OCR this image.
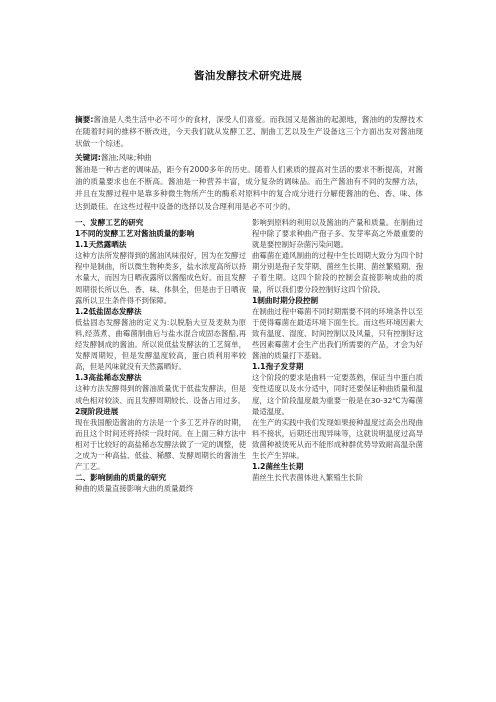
酱油发酵技术研究进展
摘要:酱油是人类生活中必不可少的食材，深受人们喜爱。而我国又是酱油的起源地，酱油的的发酵技术在随着时间的推移不断改进，今天我们就从发酵工艺、制曲工艺以及生产设备这三个方面出发对酱油现状做一个综述。
关键词:酱油;风味;种曲
酱油是一种古老的调味品，距今有2000多年的历史。随着人们素质的提高对生活的要求不断提高，对酱油的质量要求也在不断高。酱油是一种营养丰富，成分复杂的调味品。而生产酱油有不同的发酵方法，并且在发酵过程中是靠多种微生物所产生的酶系对原料中的复合成分进行分解使酱油的色、香、味、体达到最佳。在这些过程中设备的选择以及合理利用是必不可少的。

一、发酵工艺的研究

1不同的发酵工艺对酱油质量的影响

1.1天然露晒法

这种方法所发酵得到的酱油风味很好，因为在发酵过程中是制曲，所以微生物种类多，盐水浓度高所以持水量大，而因为日晒夜露所以酱醅成色好。而且发酵周期很长所以色、香、味、体俱全，但是由于日晒夜露所以卫生条件得不到保障。

1.2低盐固态发酵法

低盐固态发酵酱油的定义为:以脱脂大豆及麦麸为原料,经蒸煮、曲霉菌制曲后与盐水混合成固态酱醅,再经发酵制成的酱油。所以说低盐发酵法的工艺简单，发酵周期短，但是发酵温度较高，蛋白质利用率较高，但是风味就没有天然露晒好。

1.3高盐稀态发酵法

这种方法发酵得到的酱油质量优于低盐发酵法，但是成色相对较淡、而且发酵周期较长、设备占用过多。

2现阶段进展

现在我国酿造酱油的方法是一个多工艺并存的时期，而且这个时间还将持续一段时间。在上面三种方法中相对于比较好的高盐稀态发酵法做了一定的调整，使之成为一种高盐、低盐、稀醪、发酵周期长的酱油生产工艺。

二、影响制曲的质量的研究

种曲的质量直接影响大曲的质量最终

影响到原料的利用以及酱油的产量和质量。在制曲过程中除了要求种曲产孢子多、发芽率高之外最重要的就是要控制好杂菌污染问题。

曲霉菌在通风制曲的过程中生长周期大致分为四个时期分别是孢子发芽期、菌丝生长期、菌丝繁殖期、孢子着生期。这四个阶段的控制会直接影响成曲的质量，所以我们要分段控制好这四个阶段。

1制曲时期分段控制

在制曲过程中霉菌不同时期需要不同的环境条件以至于使得霉菌在最适环境下面生长。而这些环境因素大致有温度、湿度、时间控制以及风量，只有控制好这些因素霉菌才会生产出我们所需要的产品，才会为好酱油的质量打下基础。

1.1孢子发芽期

这个阶段的要求是曲料一定要蒸熟，保证当中蛋白质变性适度以及水分适中，同时还要保证种曲质量和温度，这个阶段温度最为重要一般是在30-32℃为霉菌最适温度。

在生产的实践中我们发现如果接种温度过高会出现曲料不接状，后期还出现异味等，这就说明温度过高导致菌种被烫死从而不能形成种群优势导致耐高温杂菌生长产生异味。

1.2菌丝生长期

菌丝生长代表菌体进入繁殖生长阶
